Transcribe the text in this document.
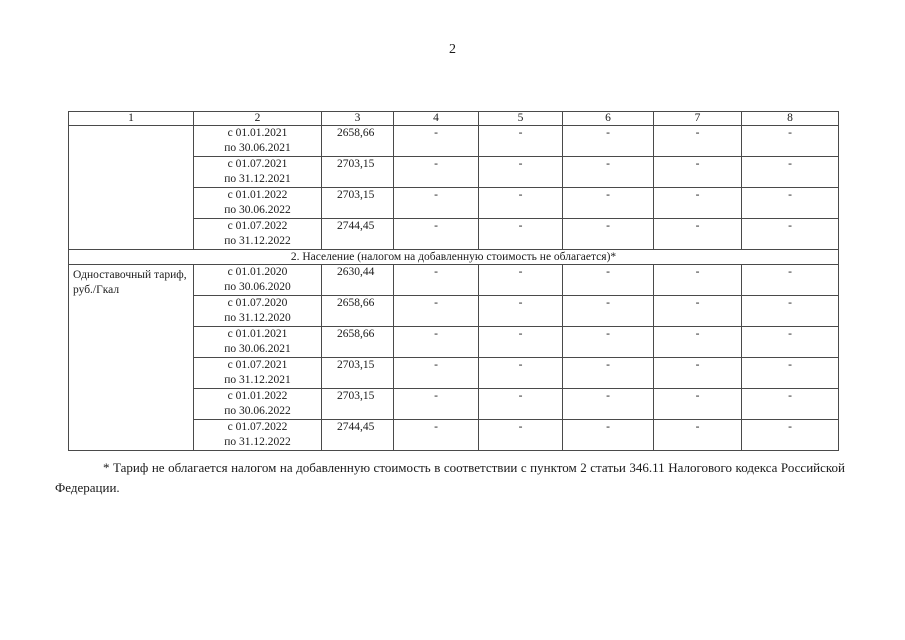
2
1	2	3	4	5	6	7	8

	с 01.01.2021
по 30.06.2021	2658,66	-	-	-	-	-

	с 01.07.2021
по 31.12.2021	2703,15	-	-	-	-	-

	с 01.01.2022
по 30.06.2022	2703,15	-	-	-	-	-

	с 01.07.2022
по 31.12.2022	2744,45	-	-	-	-	-
2. Население (налогом на добавленную стоимость не облагается)*							
Одноставочный тариф, руб./Гкал	с 01.01.2020
по 30.06.2020	2630,44	-	-	-	-	-

	с 01.07.2020
по 31.12.2020	2658,66	-	-	-	-	-

	с 01.01.2021
по 30.06.2021	2658,66	-	-	-	-	-

	с 01.07.2021
по 31.12.2021	2703,15	-	-	-	-	-

	с 01.01.2022
по 30.06.2022	2703,15	-	-	-	-	-

	с 01.07.2022
по 31.12.2022	2744,45	-	-	-	-	-
* Тариф не облагается налогом на добавленную стоимость в соответствии с пунктом 2 статьи 346.11 Налогового кодекса Российской Федерации.
